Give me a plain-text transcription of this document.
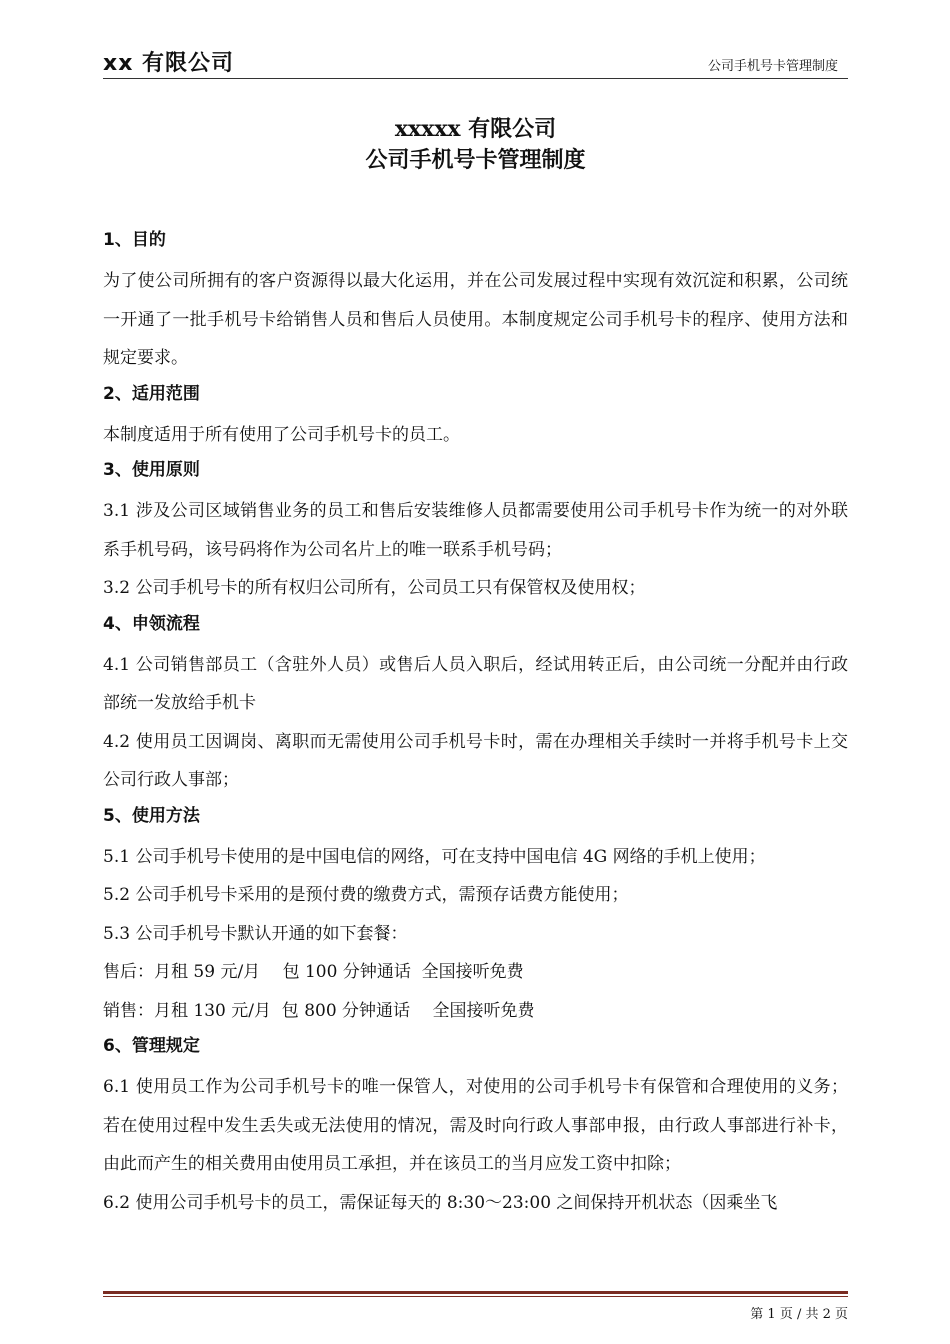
xx 有限公司	公司手机号卡管理制度
xxxxx 有限公司
公司手机号卡管理制度
1、目的

为了使公司所拥有的客户资源得以最大化运用，并在公司发展过程中实现有效沉淀和积累，公司统一开通了一批手机号卡给销售人员和售后人员使用。本制度规定公司手机号卡的程序、使用方法和规定要求。

2、适用范围

本制度适用于所有使用了公司手机号卡的员工。

3、使用原则

3.1 涉及公司区域销售业务的员工和售后安装维修人员都需要使用公司手机号卡作为统一的对外联系手机号码，该号码将作为公司名片上的唯一联系手机号码；

3.2 公司手机号卡的所有权归公司所有，公司员工只有保管权及使用权；

4、申领流程

4.1 公司销售部员工（含驻外人员）或售后人员入职后，经试用转正后，由公司统一分配并由行政部统一发放给手机卡

4.2 使用员工因调岗、离职而无需使用公司手机号卡时，需在办理相关手续时一并将手机号卡上交公司行政人事部；

5、使用方法

5.1 公司手机号卡使用的是中国电信的网络，可在支持中国电信 4G 网络的手机上使用；

5.2 公司手机号卡采用的是预付费的缴费方式，需预存话费方能使用；

5.3 公司手机号卡默认开通的如下套餐：

售后：月租 59 元/月　 包 100 分钟通话  全国接听免费

销售：月租 130 元/月  包 800 分钟通话　 全国接听免费

6、管理规定

6.1 使用员工作为公司手机号卡的唯一保管人，对使用的公司手机号卡有保管和合理使用的义务；若在使用过程中发生丢失或无法使用的情况，需及时向行政人事部申报，由行政人事部进行补卡，由此而产生的相关费用由使用员工承担，并在该员工的当月应发工资中扣除；

6.2 使用公司手机号卡的员工，需保证每天的 8:30～23:00 之间保持开机状态（因乘坐飞

第 1 页 / 共 2 页
